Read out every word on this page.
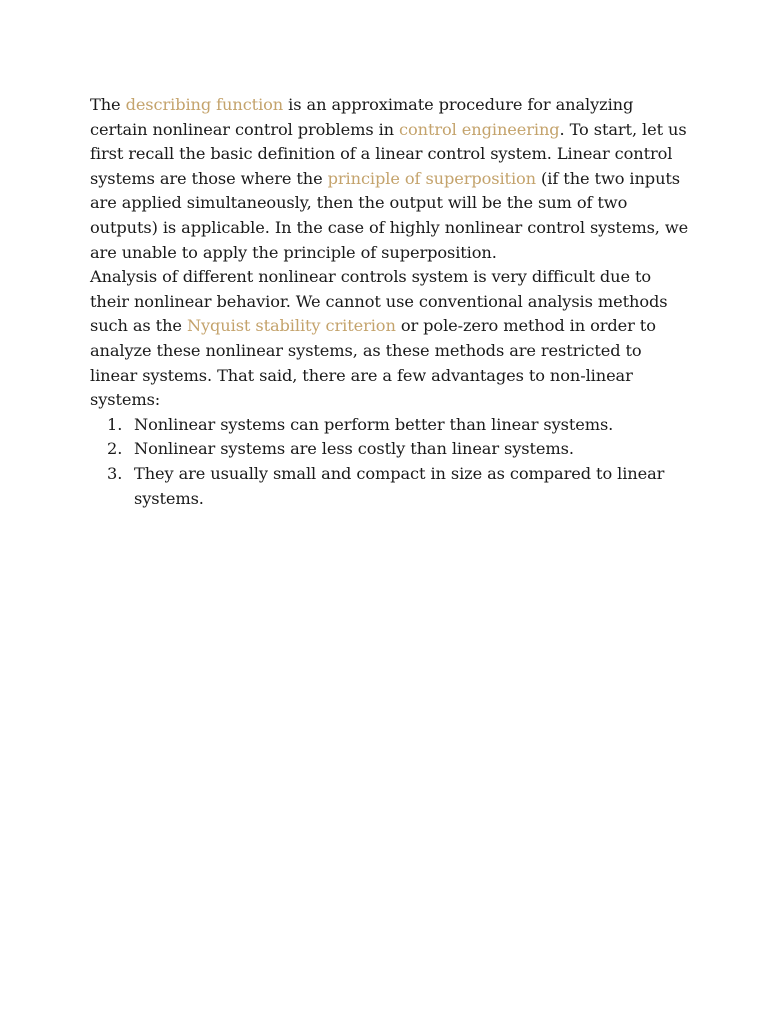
The describing function is an approximate procedure for analyzing certain nonlinear control problems in control engineering. To start, let us first recall the basic definition of a linear control system. Linear control systems are those where the principle of superposition (if the two inputs are applied simultaneously, then the output will be the sum of two outputs) is applicable. In the case of highly nonlinear control systems, we are unable to apply the principle of superposition.

Analysis of different nonlinear controls system is very difficult due to their nonlinear behavior. We cannot use conventional analysis methods such as the Nyquist stability criterion or pole-zero method in order to analyze these nonlinear systems, as these methods are restricted to linear systems. That said, there are a few advantages to non-linear systems:

1. Nonlinear systems can perform better than linear systems.
2. Nonlinear systems are less costly than linear systems.
3. They are usually small and compact in size as compared to linear systems.
